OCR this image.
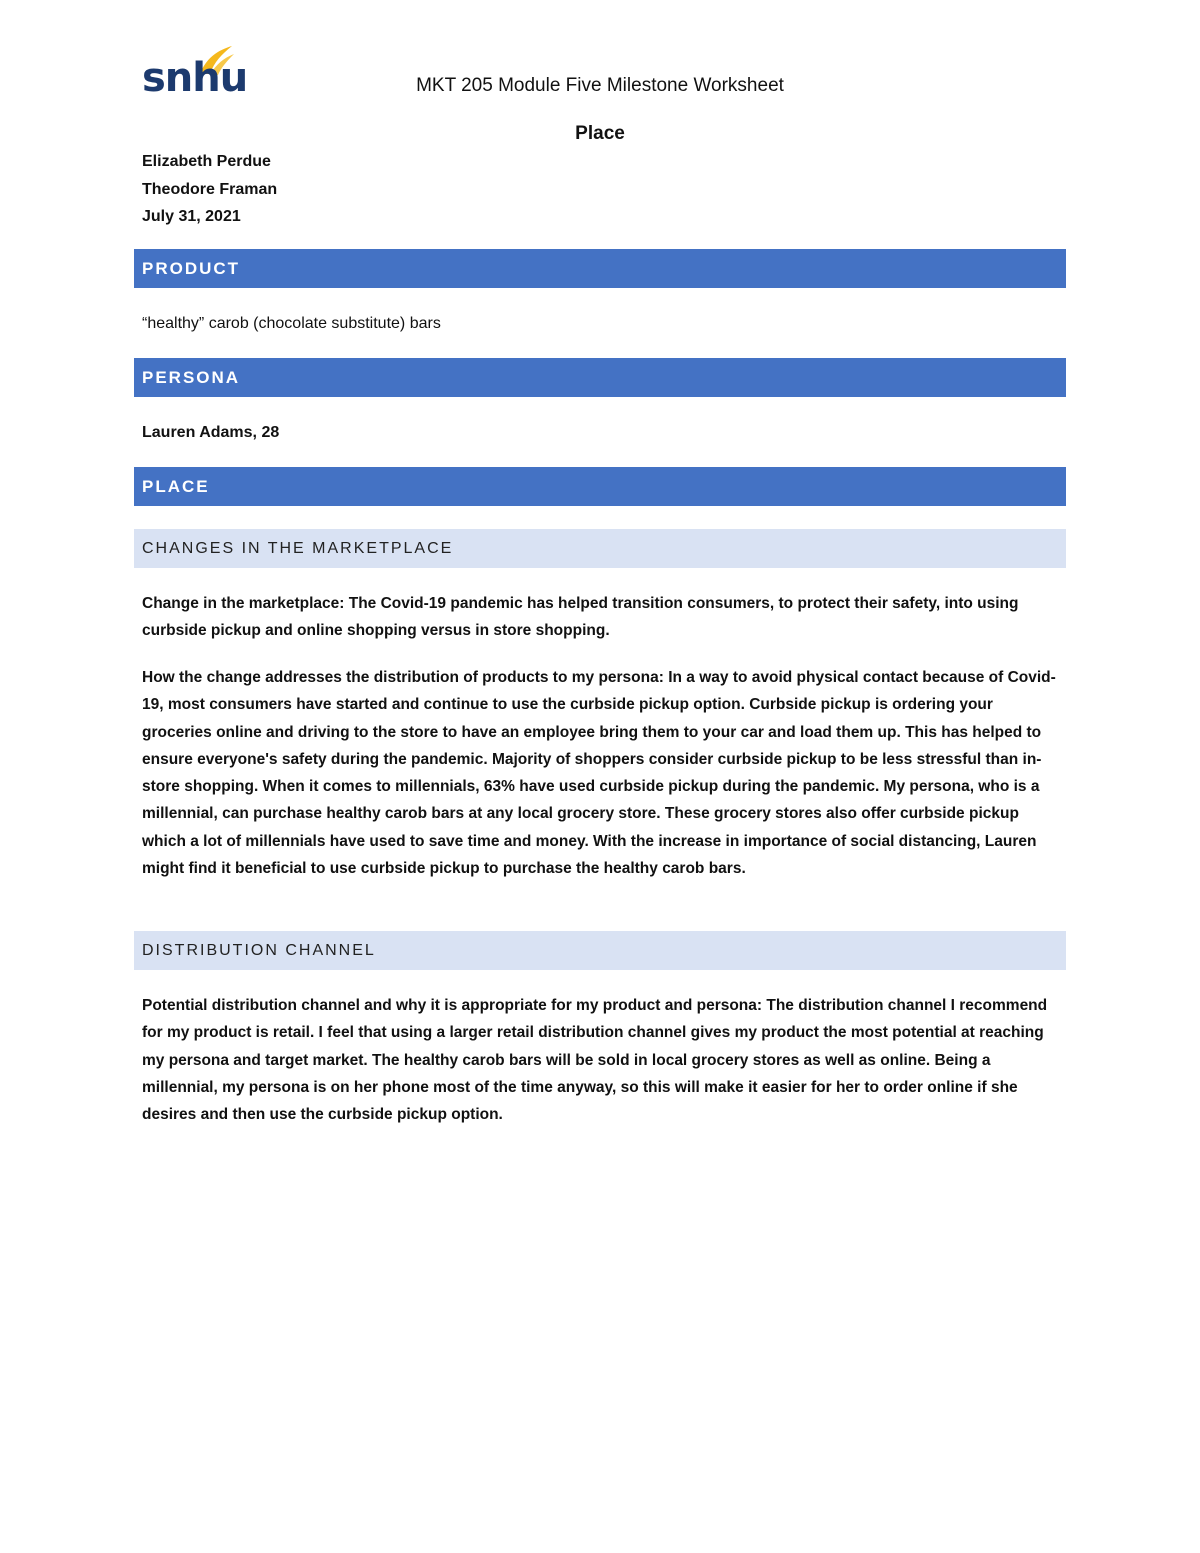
snhu	MKT 205 Module Five Milestone Worksheet
Place
Elizabeth Perdue
Theodore Framan
July 31, 2021
PRODUCT
“healthy” carob (chocolate substitute) bars
PERSONA
Lauren Adams, 28
PLACE
CHANGES IN THE MARKETPLACE
Change in the marketplace: The Covid-19 pandemic has helped transition consumers, to protect their safety, into using curbside pickup and online shopping versus in store shopping.
How the change addresses the distribution of products to my persona: In a way to avoid physical contact because of Covid-19, most consumers have started and continue to use the curbside pickup option. Curbside pickup is ordering your groceries online and driving to the store to have an employee bring them to your car and load them up. This has helped to ensure everyone's safety during the pandemic. Majority of shoppers consider curbside pickup to be less stressful than in-store shopping. When it comes to millennials, 63% have used curbside pickup during the pandemic. My persona, who is a millennial, can purchase healthy carob bars at any local grocery store. These grocery stores also offer curbside pickup which a lot of millennials have used to save time and money. With the increase in importance of social distancing, Lauren might find it beneficial to use curbside pickup to purchase the healthy carob bars.
DISTRIBUTION CHANNEL
Potential distribution channel and why it is appropriate for my product and persona: The distribution channel I recommend for my product is retail. I feel that using a larger retail distribution channel gives my product the most potential at reaching my persona and target market. The healthy carob bars will be sold in local grocery stores as well as online. Being a millennial, my persona is on her phone most of the time anyway, so this will make it easier for her to order online if she desires and then use the curbside pickup option.
